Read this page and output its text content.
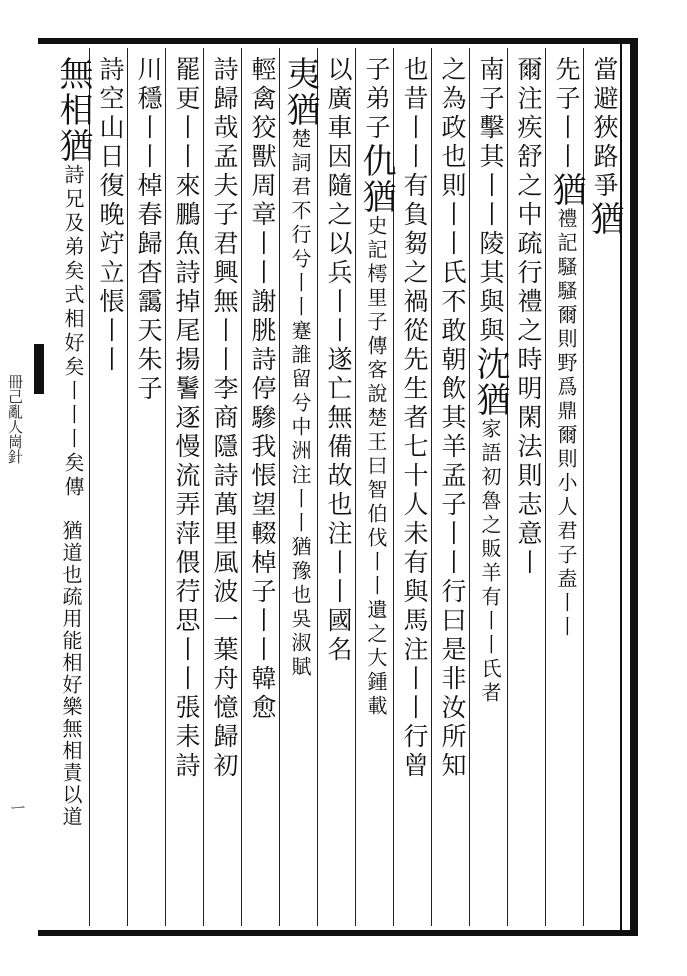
冊己亂人崗針
ㄧ
當避狹路爭猶
先子丨丨猶禮記騷騷爾則野爲鼎爾則小人君子盍丨丨
爾注疾舒之中疏行禮之時明閑法則志意丨
南子擊其丨丨陵其與與沈猶家語初魯之販羊有丨丨氏者
之為政也則丨丨氏不敢朝飲其羊孟子丨丨行曰是非汝所知
也昔丨丨有負芻之禍從先生者七十人未有與馬注丨丨行曾
子弟子仇猶史記樗里子傳客說楚王曰智伯伐丨丨遺之大鍾載
以廣車因隨之以兵丨丨遂亡無備故也注丨丨國名
夷猶楚詞君不行兮丨丨蹇誰留兮中洲注丨丨猶豫也吳淑賦
輕禽狡獸周章丨丨謝朓詩停驂我悵望輟棹子丨丨韓愈
詩歸哉孟夫子君興無丨丨李商隱詩萬里風波一葉舟憶歸初
罷更丨丨來鵬魚詩掉尾揚鬐逐慢流弄萍偎荇思丨丨張耒詩
川穩丨丨棹春歸杳靄天朱子
詩空山日復晚竚立悵丨丨
無相猶詩兄及弟矣式相好矣丨丨丨矣傳
猶道也疏用能相好樂無相責以道
